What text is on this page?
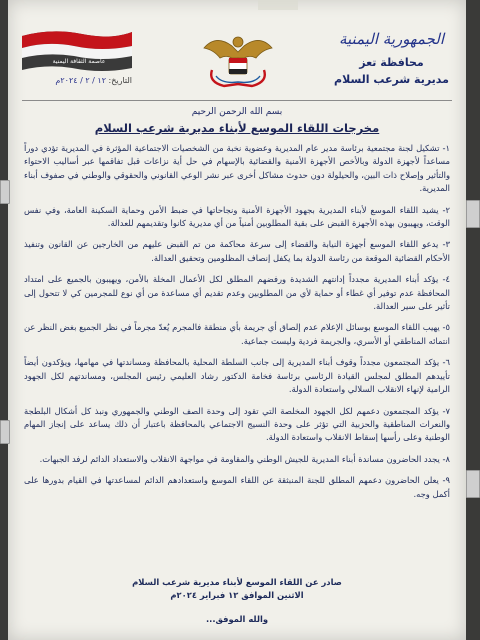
الجمهورية اليمنية
محافظة تعز
مديرية شرعب السلام
عاصمة الثقافة اليمنية
التاريخ: ١٢ / ٢ / ٢٠٢٤م
بسم الله الرحمن الرحيم
مخرجات اللقاء الموسع لأبناء مديرية شرعب السلام

١- تشكيل لجنة مجتمعية برئاسة مدير عام المديرية وعضوية نخبة من الشخصيات الاجتماعية المؤثرة في المديرية تؤدي دوراً مساعداً لأجهزة الدولة وبالأخص الأجهزة الأمنية والقضائية بالإسهام في حل أية نزاعات قبل تفاقمها عبر أساليب الاحتواء والتأثير وإصلاح ذات البين، والحيلولة دون حدوث مشاكل أخرى عبر نشر الوعي القانوني والحقوقي والوطني في صفوف أبناء المديرية.

٢- يشيد اللقاء الموسع لأبناء المديرية بجهود الأجهزة الأمنية ونجاحاتها في ضبط الأمن وحماية السكينة العامة، وفي نفس الوقت، ويهيبون بهذه الأجهزة القبض على بقية المطلوبين أمنياً من أي مديرية كانوا وتقديمهم للعدالة.

٣- يدعو اللقاء الموسع أجهزة النيابة والقضاء إلى سرعة محاكمة من تم القبض عليهم من الخارجين عن القانون وتنفيذ الأحكام القضائية الموقعة من رئاسة الدولة بما يكفل إنصاف المظلومين وتحقيق العدالة.

٤- يؤكد أبناء المديرية مجدداً إدانتهم الشديدة ورفضهم المطلق لكل الأعمال المخلة بالأمن، ويهيبون بالجميع على امتداد المحافظة عدم توفير أي غطاء أو حماية لأي من المطلوبين وعدم تقديم أي مساعدة من أي نوع للمجرمين كي لا تتحول إلى تأثير على سير العدالة.

٥- يهيب اللقاء الموسع بوسائل الإعلام عدم إلصاق أي جريمة بأي منطقة فالمجرم يُعدّ مجرماً في نظر الجميع بغض النظر عن انتمائه المناطقي أو الأسري، والجريمة فردية وليست جماعية.

٦- يؤكد المجتمعون مجدداً وقوف أبناء المديرية إلى جانب السلطة المحلية بالمحافظة ومساندتها في مهامها، ويؤكدون أيضاً تأييدهم المطلق لمجلس القيادة الرئاسي برئاسة فخامة الدكتور رشاد العليمي رئيس المجلس، ومساندتهم لكل الجهود الرامية لإنهاء الانقلاب السلالي واستعادة الدولة.

٧- يؤكد المجتمعون دعمهم لكل الجهود المخلصة التي تقود إلى وحدة الصف الوطني والجمهوري ونبذ كل أشكال البلطجة والنعرات المناطقية والحزبية التي تؤثر على وحدة النسيج الاجتماعي بالمحافظة باعتبار أن ذلك يساعد على إنجاز المهام الوطنية وعلى رأسها إسقاط الانقلاب واستعادة الدولة.

٨- يجدد الحاضرون مساندة أبناء المديرية للجيش الوطني والمقاومة في مواجهة الانقلاب والاستعداد الدائم لرفد الجبهات.

٩- يعلن الحاضرون دعمهم المطلق للجنة المنبثقة عن اللقاء الموسع واستعدادهم الدائم لمساعدتها في القيام بدورها على أكمل وجه.

صادر عن اللقاء الموسع لأبناء مديرية شرعب السلام
الاثنين الموافق ١٢ فبراير ٢٠٢٤م
والله الموفق...
